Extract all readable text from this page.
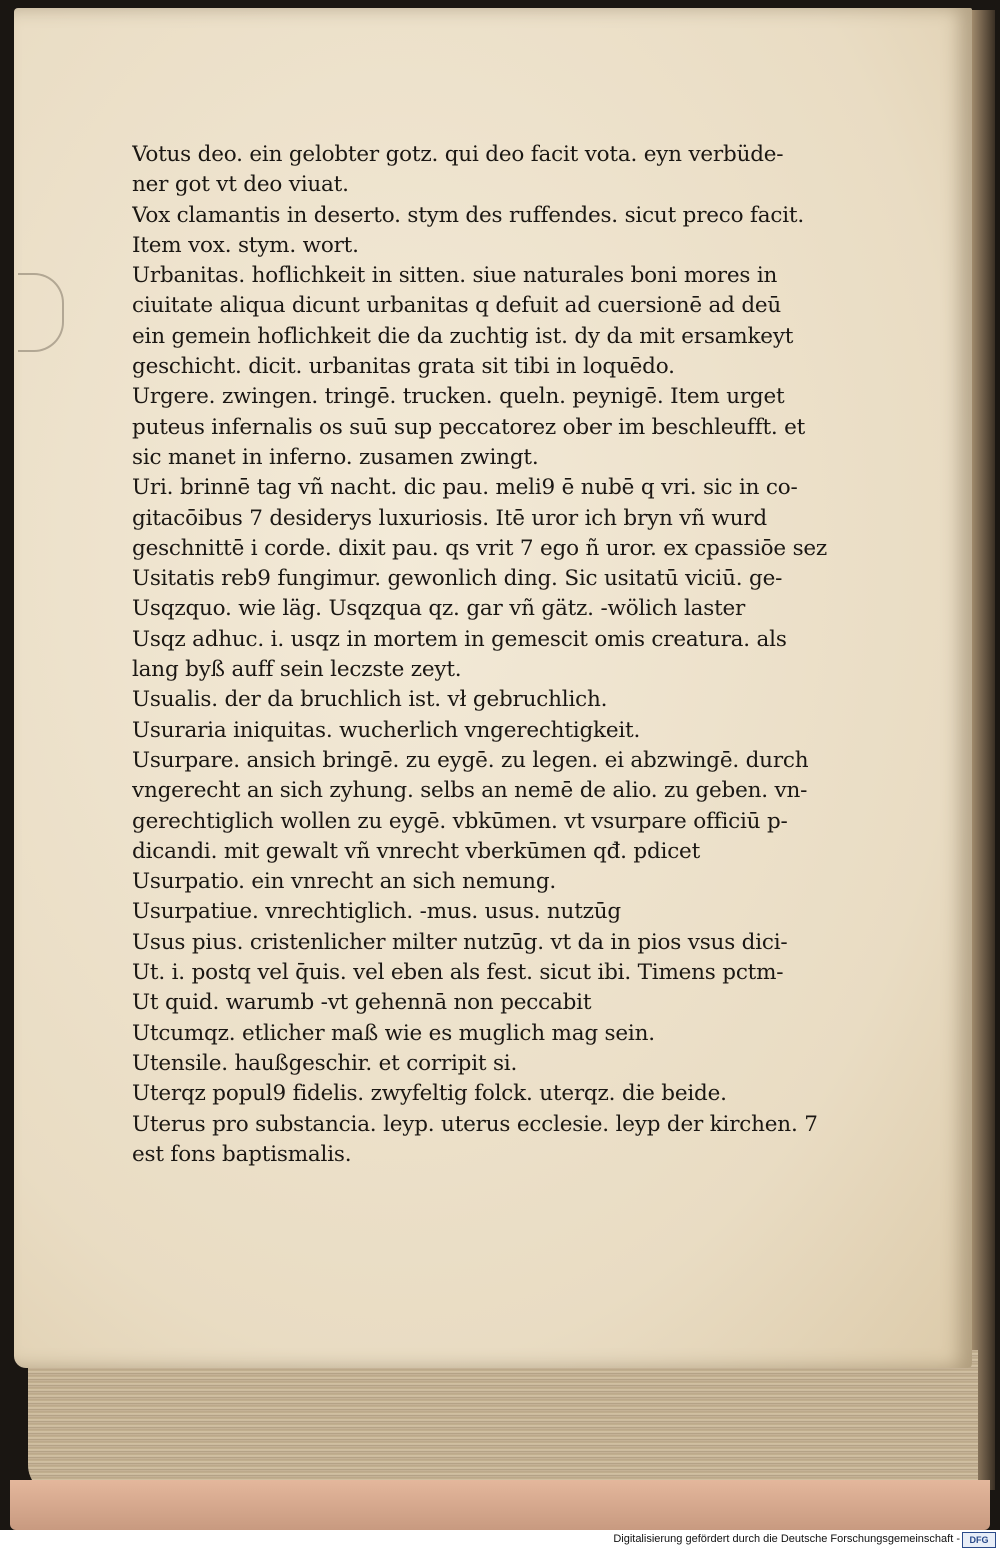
Votus deo. ein gelobter gotz. qui deo facit vota. eyn verbüde-
ner got vt deo viuat.
Vox clamantis in deserto. stym des ruffendes. sicut preco facit.
Item vox. stym. wort.
Urbanitas. hoflichkeit in sitten. siue naturales boni mores in
ciuitate aliqua dicunt urbanitas q defuit ad cuersionē ad deū
ein gemein hoflichkeit die da zuchtig ist. dy da mit ersamkeyt
geschicht. dicit. urbanitas grata sit tibi in loquēdo.
Urgere. zwingen. tringē. trucken. queln. peynigē. Item urget
puteus infernalis os suū sup peccatorez ober im beschleufft. et
sic manet in inferno. zusamen zwingt.
Uri. brinnē tag vñ nacht. dic pau. meli9 ē nubē q vri. sic in co-
gitacōibus 7 desiderys luxuriosis. Itē uror ich bryn vñ wurd
geschnittē i corde. dixit pau. qs vrit 7 ego ñ uror. ex cpassiōe sez
Usitatis reb9 fungimur. gewonlich ding. Sic usitatū viciū. ge-
Usqzquo. wie läg. Usqzqua qz. gar vñ gätz. -wölich laster
Usqz adhuc. i. usqz in mortem in gemescit omis creatura. als
lang byß auff sein leczste zeyt.
Usualis. der da bruchlich ist. vł gebruchlich.
Usuraria iniquitas. wucherlich vngerechtigkeit.
Usurpare. ansich bringē. zu eygē. zu legen. ei abzwingē. durch
vngerecht an sich zyhung. selbs an nemē de alio. zu geben. vn-
gerechtiglich wollen zu eygē. vbkūmen. vt vsurpare officiū p-
dicandi. mit gewalt vñ vnrecht vberkūmen qđ. pdicet
Usurpatio. ein vnrecht an sich nemung.
Usurpatiue. vnrechtiglich. -mus. usus. nutzūg
Usus pius. cristenlicher milter nutzūg. vt da in pios vsus dici-
Ut. i. postq vel q̄uis. vel eben als fest. sicut ibi. Timens pctm-
Ut quid. warumb -vt gehennā non peccabit
Utcumqz. etlicher maß wie es muglich mag sein.
Utensile. haußgeschir. et corripit si.
Uterqz popul9 fidelis. zwyfeltig folck. uterqz. die beide.
Uterus pro substancia. leyp. uterus ecclesie. leyp der kirchen. 7
est fons baptismalis.
Digitalisierung gefördert durch die Deutsche Forschungsgemeinschaft -	DFG
